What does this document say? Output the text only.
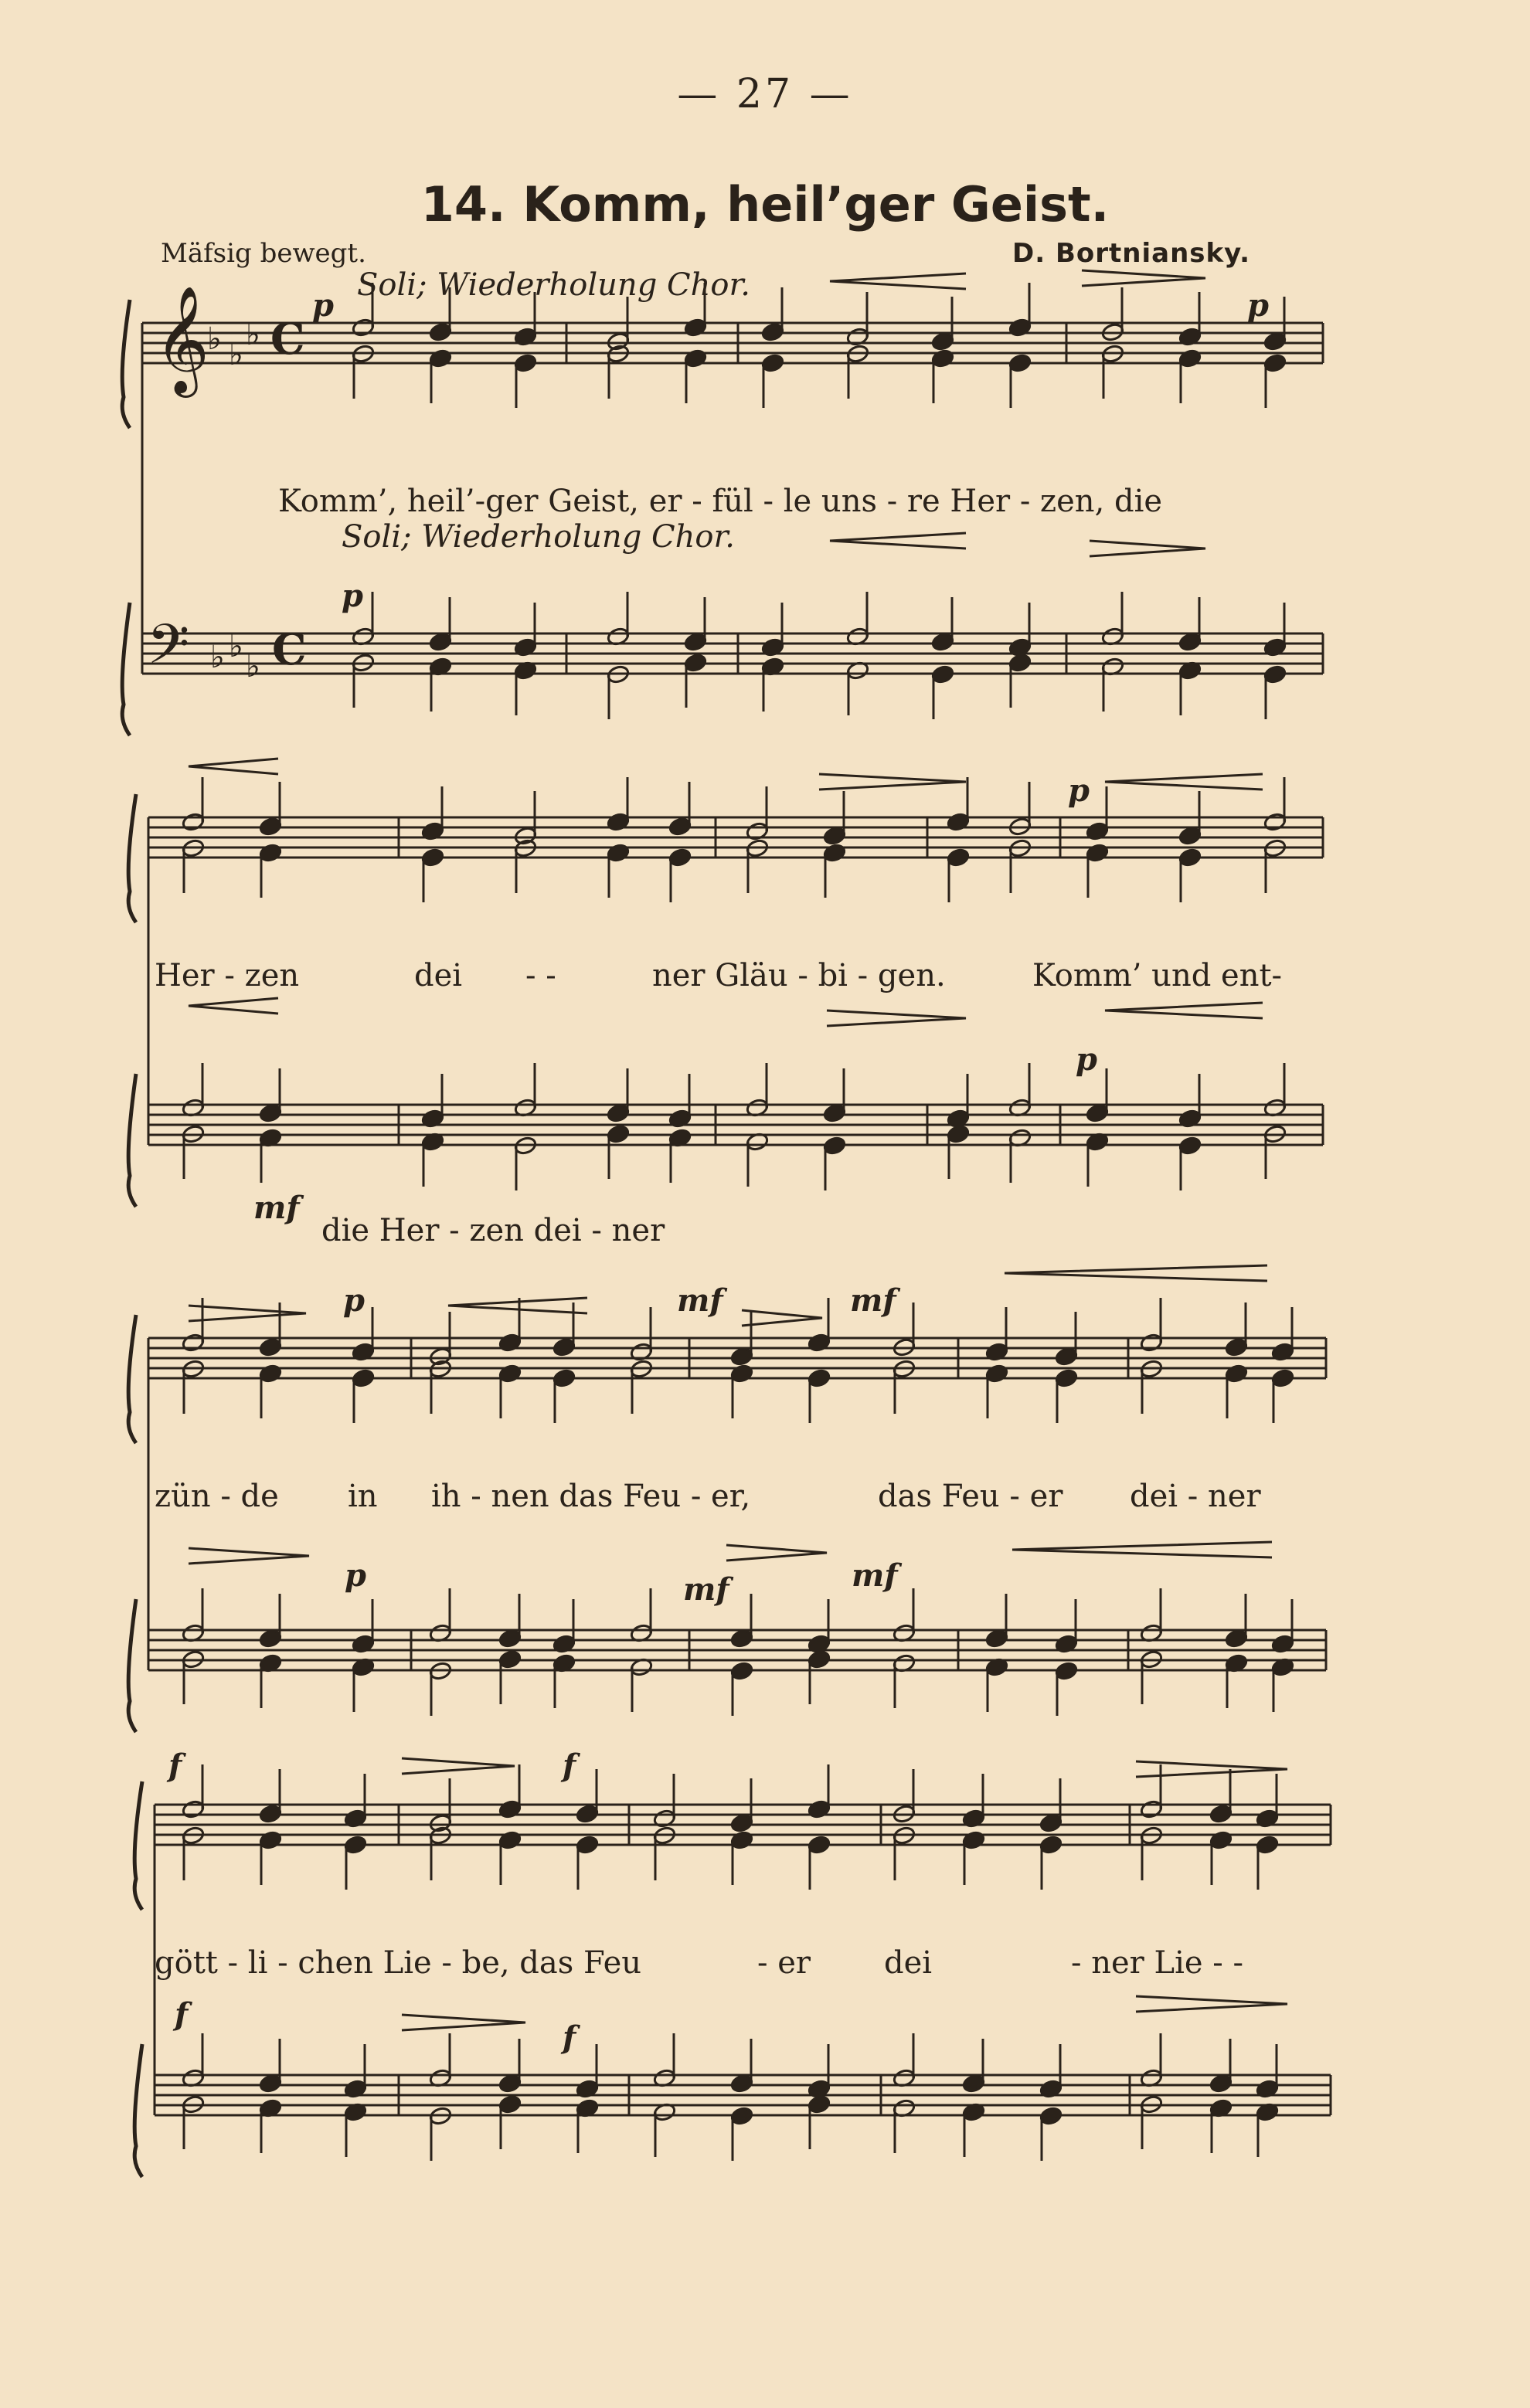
— 27 —
14. Komm, heil’ger Geist.
Mäfsig bewegt.	D. Bortniansky.
Soli; Wiederholung Chor.
Soli; Wiederholung Chor.
p	p
p
p
p
mf
p	mf	mf
p	mf	mf
f	f
f
f
Komm’, heil’-ger Geist, er - fül - le uns - re Her - zen, die
Her - zen	dei - -	ner Gläu - bi - gen.	Komm’ und ent-
die Her - zen dei - ner
zün - de in ih - nen das Feu - er,	das Feu - er dei - ner
gött - li - chen Lie - be, das Feu	- er dei	- ner Lie - -
𝄞
𝄢
♭ ♭
♭
♭ ♭
♭
C
C
